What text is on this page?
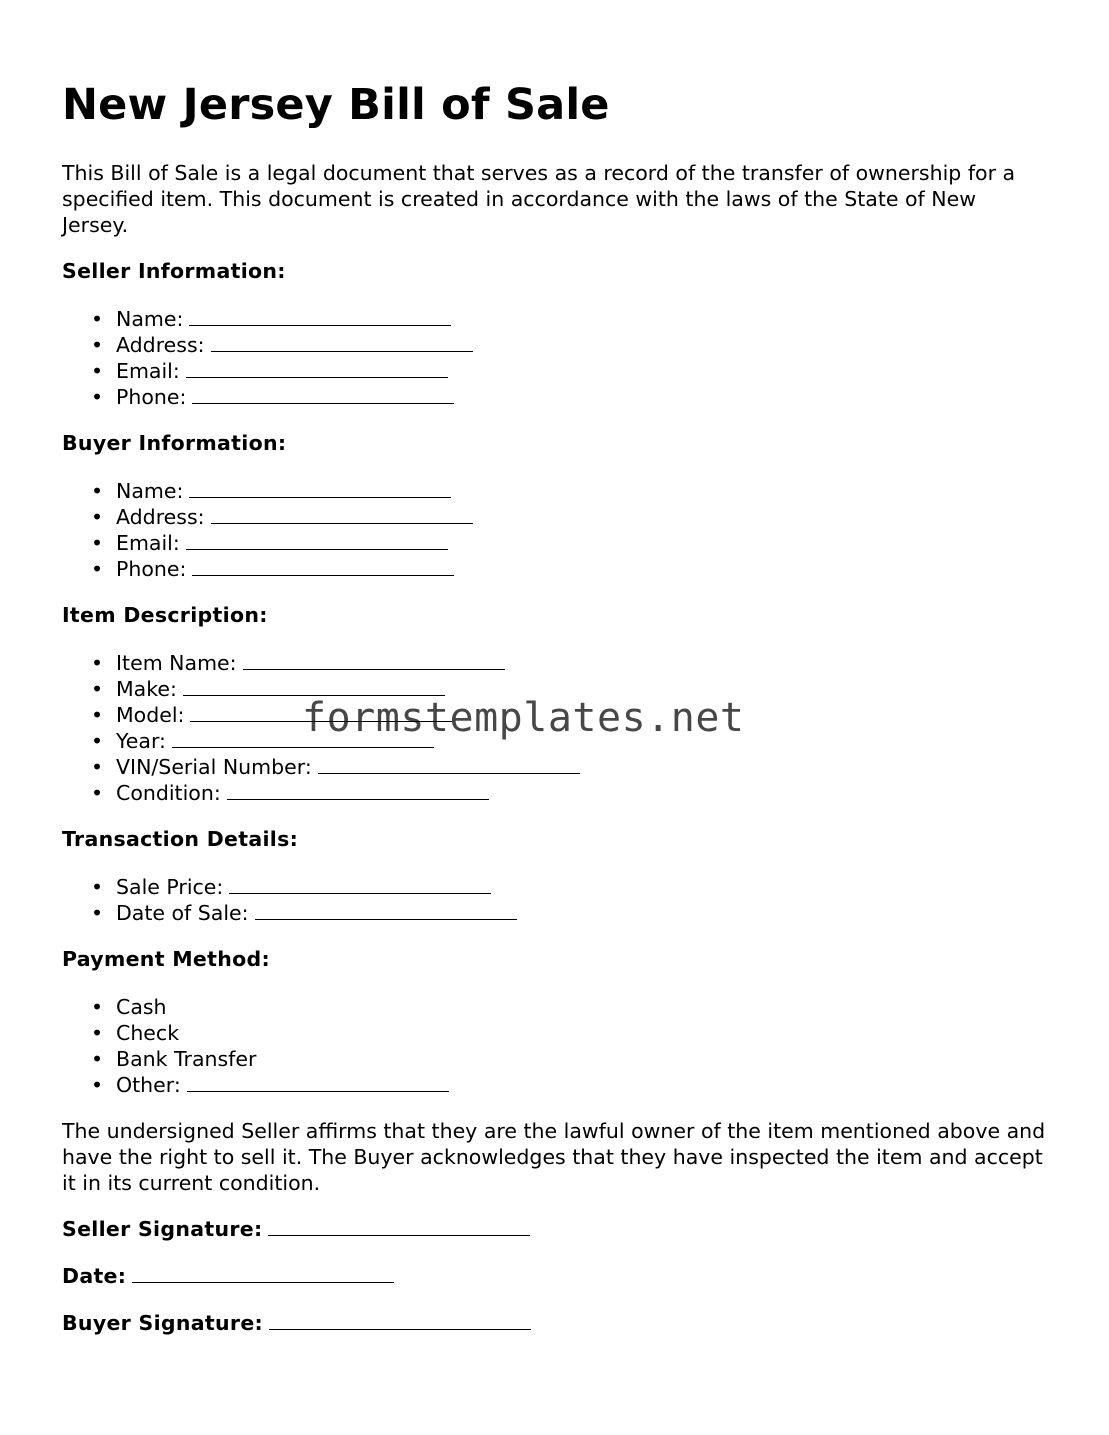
New Jersey Bill of Sale

This Bill of Sale is a legal document that serves as a record of the transfer of ownership for a specified item. This document is created in accordance with the laws of the State of New Jersey.

Seller Information:
• Name:
• Address:
• Email:
• Phone:
Buyer Information:
• Name:
• Address:
• Email:
• Phone:
Item Description:
• Item Name:
• Make:
• Model:
• Year:
• VIN/Serial Number:
• Condition:
Transaction Details:
• Sale Price:
• Date of Sale:
Payment Method:
• Cash
• Check
• Bank Transfer
• Other:

The undersigned Seller affirms that they are the lawful owner of the item mentioned above and have the right to sell it. The Buyer acknowledges that they have inspected the item and accept it in its current condition.

Seller Signature:

Date:

Buyer Signature:

formstemplates.net
